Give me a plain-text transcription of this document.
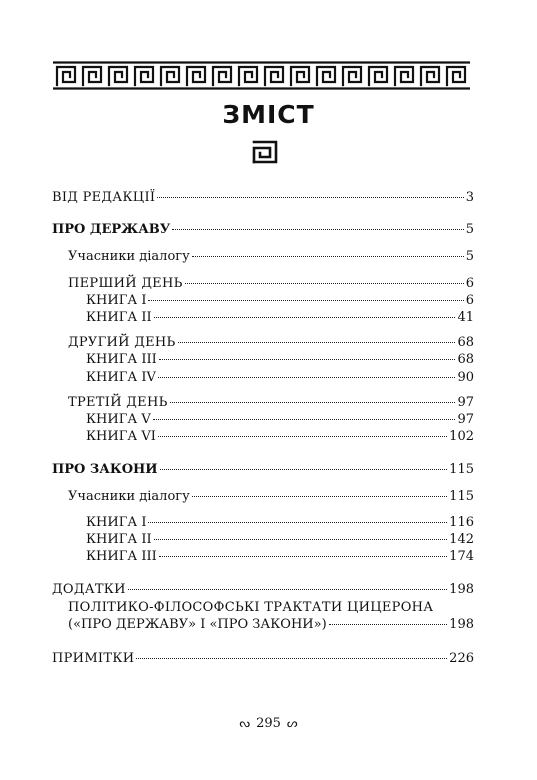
ЗМІСТ
ВІД РЕДАКЦІЇ	3
ПРО ДЕРЖАВУ	5
Учасники діалогу	5
ПЕРШИЙ ДЕНЬ	6
КНИГА I	6
КНИГА II	41
ДРУГИЙ ДЕНЬ	68
КНИГА III	68
КНИГА IV	90
ТРЕТІЙ ДЕНЬ	97
КНИГА V	97
КНИГА VI	102
ПРО ЗАКОНИ	115
Учасники діалогу	115
КНИГА I	116
КНИГА II	142
КНИГА III	174
ДОДАТКИ	198
ПОЛІТИКО-ФІЛОСОФСЬКІ ТРАКТАТИ ЦИЦЕРОНА
(«ПРО ДЕРЖАВУ» І «ПРО ЗАКОНИ»)	198
ПРИМІТКИ	226
ᔓ 295 ᔕ
